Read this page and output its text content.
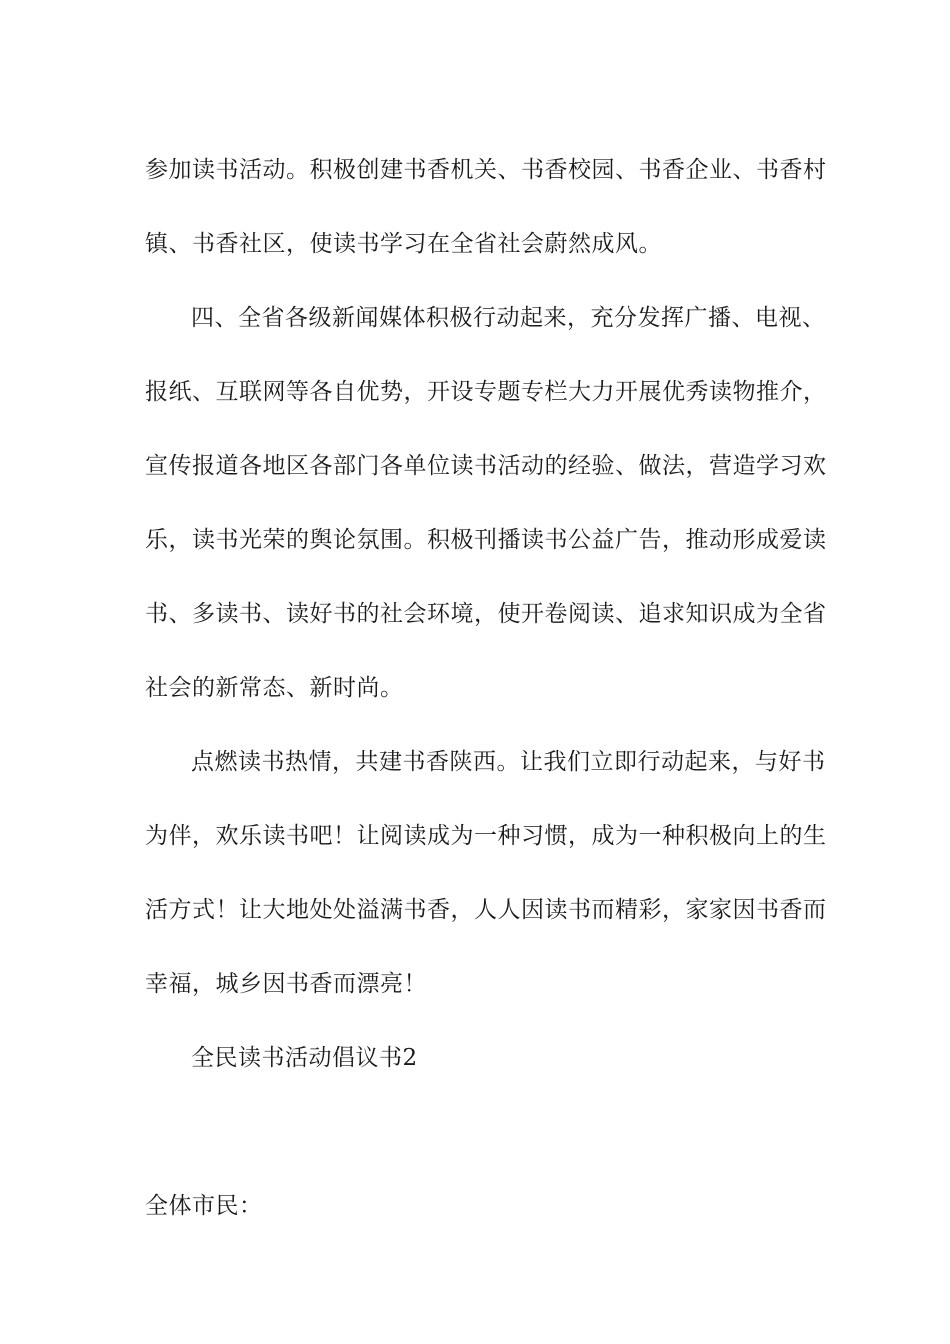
参加读书活动。积极创建书香机关、书香校园、书香企业、书香村

镇、书香社区，使读书学习在全省社会蔚然成风。

四、全省各级新闻媒体积极行动起来，充分发挥广播、电视、

报纸、互联网等各自优势，开设专题专栏大力开展优秀读物推介，

宣传报道各地区各部门各单位读书活动的经验、做法，营造学习欢

乐，读书光荣的舆论氛围。积极刊播读书公益广告，推动形成爱读

书、多读书、读好书的社会环境，使开卷阅读、追求知识成为全省

社会的新常态、新时尚。

点燃读书热情，共建书香陕西。让我们立即行动起来，与好书

为伴，欢乐读书吧！让阅读成为一种习惯，成为一种积极向上的生

活方式！让大地处处溢满书香，人人因读书而精彩，家家因书香而

幸福，城乡因书香而漂亮！

全民读书活动倡议书2

全体市民：
